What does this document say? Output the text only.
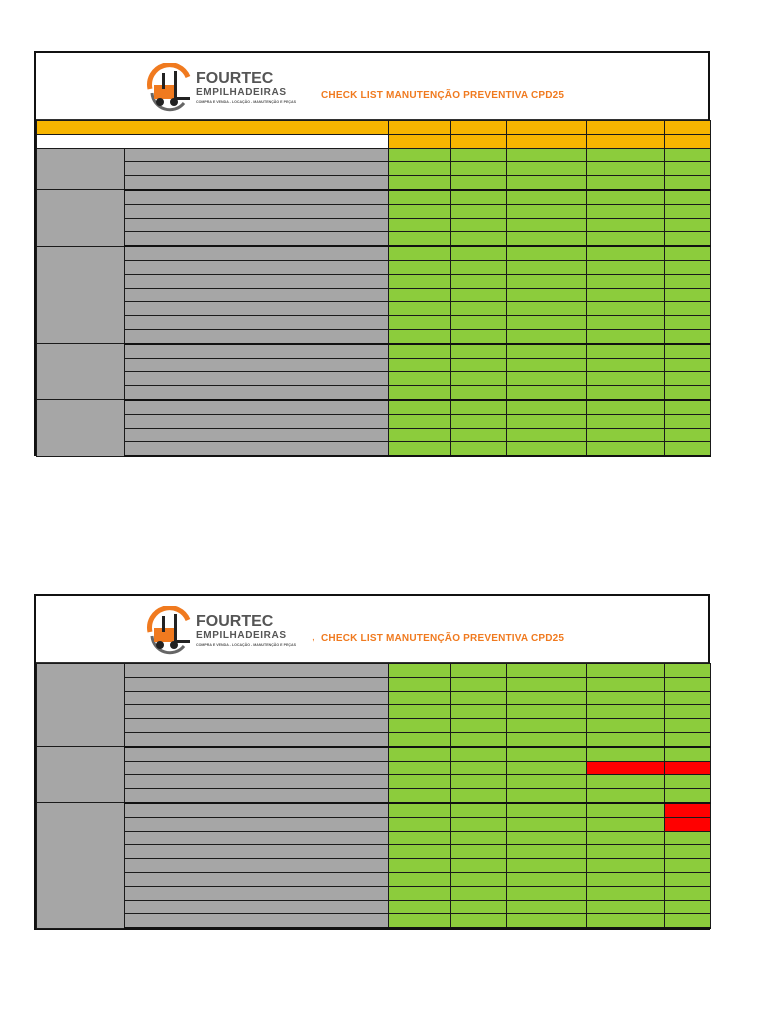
FOURTEC
EMPILHADEIRAS
COMPRA E VENDA - LOCAÇÃO - MANUTENÇÃO E PEÇAS
CHECK LIST MANUTENÇÃO PREVENTIVA CPD25

FOURTEC
EMPILHADEIRAS
COMPRA E VENDA - LOCAÇÃO - MANUTENÇÃO E PEÇAS
, CHECK LIST MANUTENÇÃO PREVENTIVA CPD25
